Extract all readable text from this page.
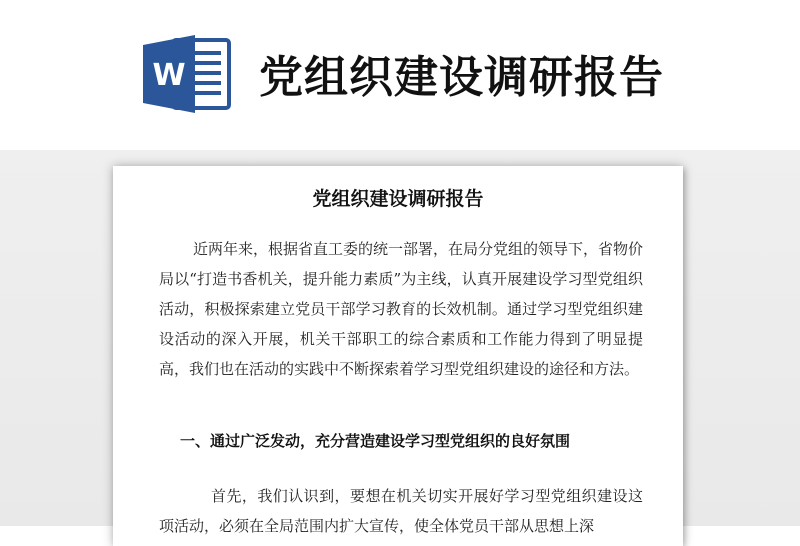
W 党组织建设调研报告
党组织建设调研报告

近两年来，根据省直工委的统一部署，在局分党组的领导下，省物价局以“打造书香机关，提升能力素质”为主线，认真开展建设学习型党组织活动，积极探索建立党员干部学习教育的长效机制。通过学习型党组织建设活动的深入开展，机关干部职工的综合素质和工作能力得到了明显提高，我们也在活动的实践中不断探索着学习型党组织建设的途径和方法。

一、通过广泛发动，充分营造建设学习型党组织的良好氛围

首先，我们认识到，要想在机关切实开展好学习型党组织建设这项活动，必须在全局范围内扩大宣传，使全体党员干部从思想上深
